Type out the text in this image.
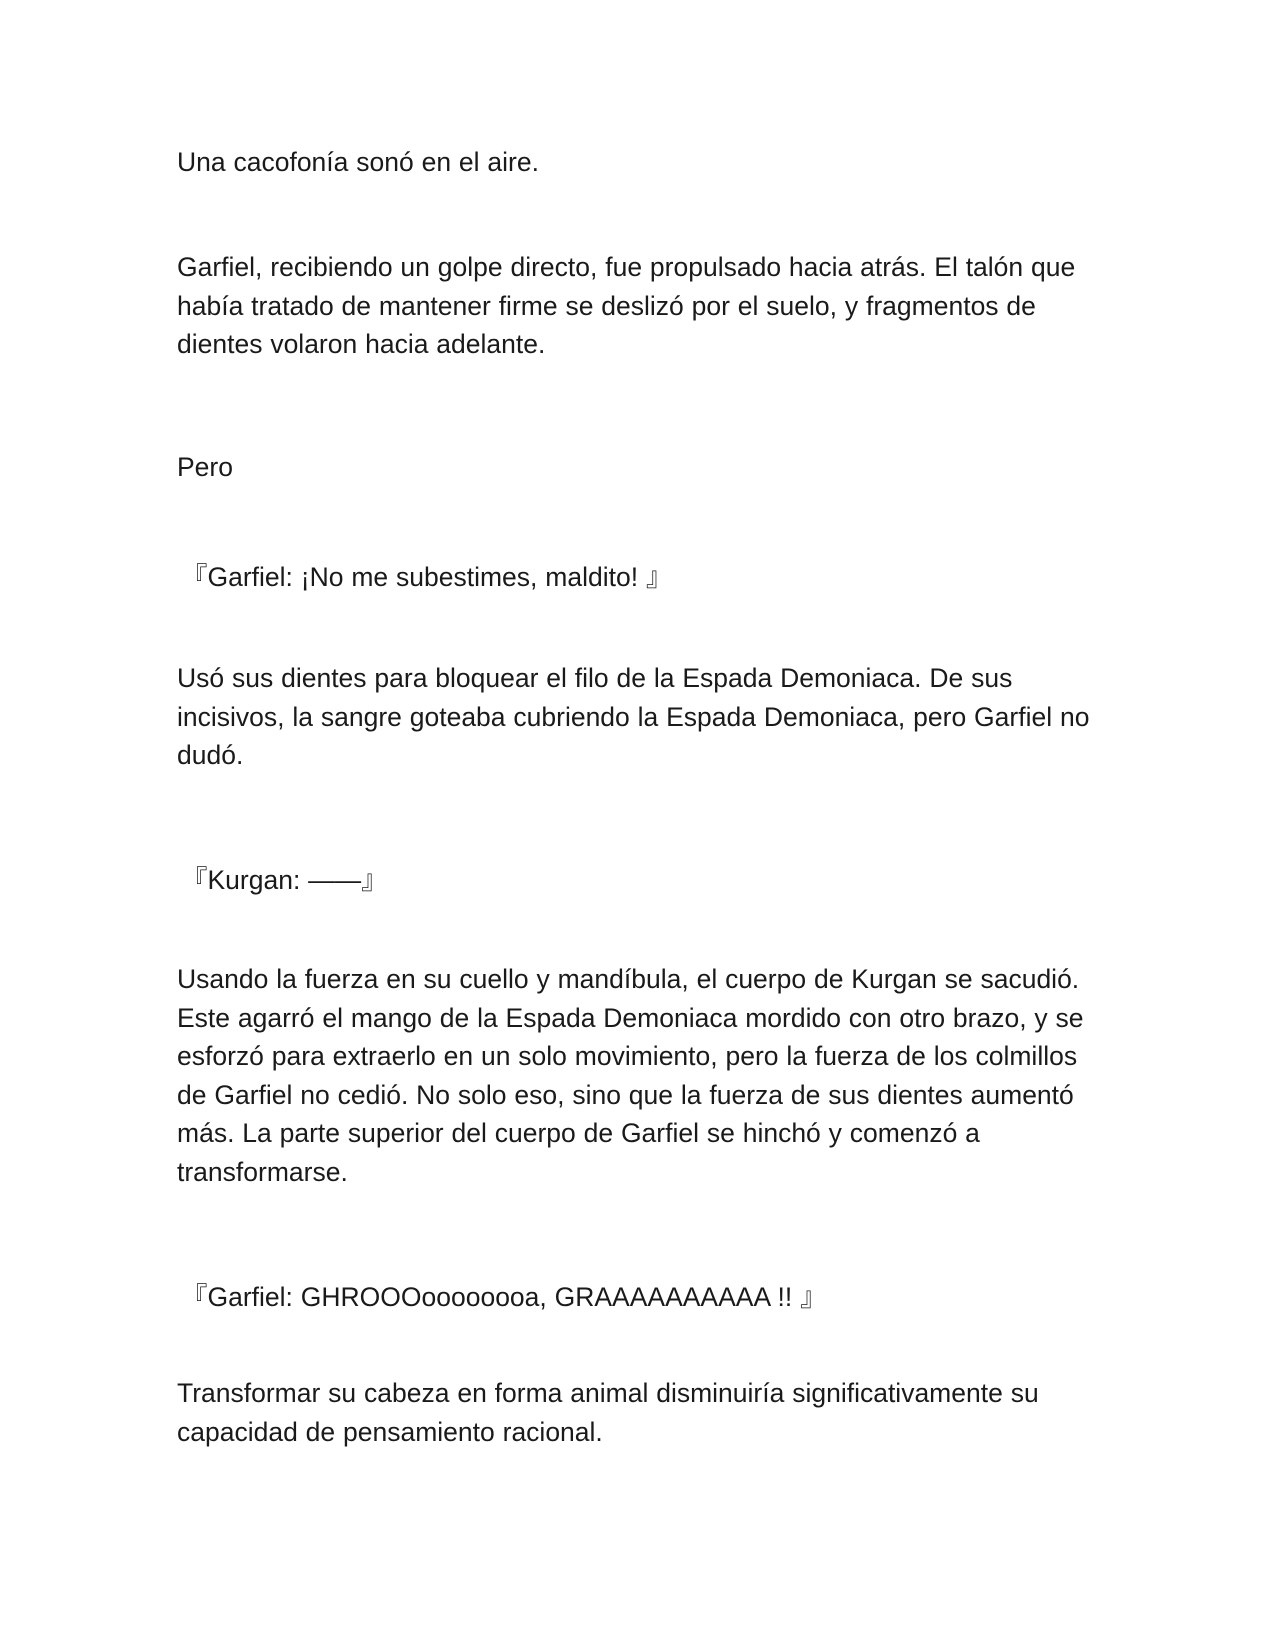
Una cacofonía sonó en el aire.

Garfiel, recibiendo un golpe directo, fue propulsado hacia atrás. El talón que
había tratado de mantener firme se deslizó por el suelo, y fragmentos de
dientes volaron hacia adelante.

Pero

『Garfiel: ¡No me subestimes, maldito! 』

Usó sus dientes para bloquear el filo de la Espada Demoniaca. De sus
incisivos, la sangre goteaba cubriendo la Espada Demoniaca, pero Garfiel no
dudó.

『Kurgan: ——』

Usando la fuerza en su cuello y mandíbula, el cuerpo de Kurgan se sacudió.
Este agarró el mango de la Espada Demoniaca mordido con otro brazo, y se
esforzó para extraerlo en un solo movimiento, pero la fuerza de los colmillos
de Garfiel no cedió. No solo eso, sino que la fuerza de sus dientes aumentó
más. La parte superior del cuerpo de Garfiel se hinchó y comenzó a
transformarse.

『Garfiel: GHROOOoooooooa, GRAAAAAAAAAA !! 』

Transformar su cabeza en forma animal disminuiría significativamente su
capacidad de pensamiento racional.
